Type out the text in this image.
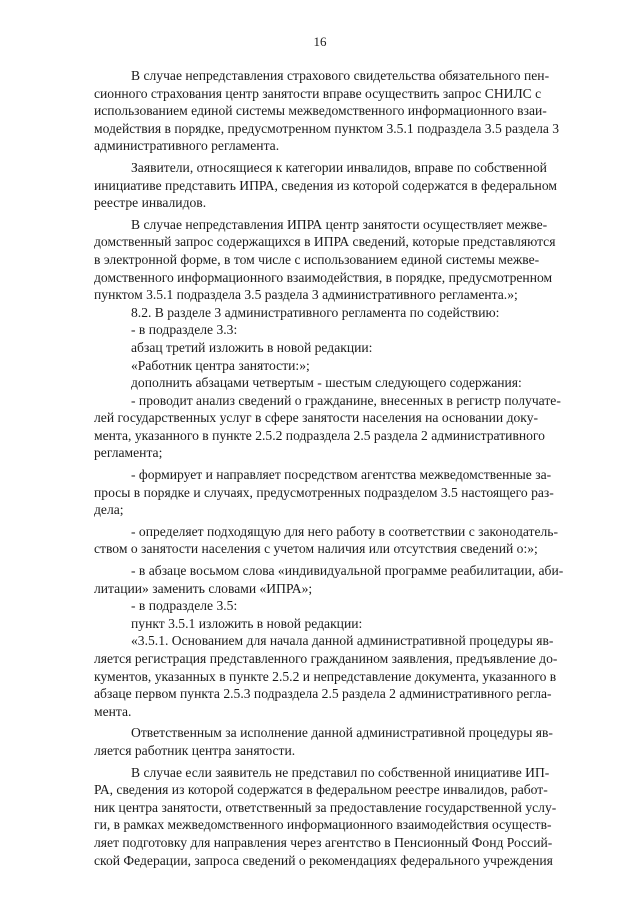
16
В случае непредставления страхового свидетельства обязательного пен-
сионного страхования центр занятости вправе осуществить запрос СНИЛС с
использованием единой системы межведомственного информационного взаи-
модействия в порядке, предусмотренном пунктом 3.5.1 подраздела 3.5 раздела 3
административного регламента.
Заявители, относящиеся к категории инвалидов, вправе по собственной
инициативе представить ИПРА, сведения из которой содержатся в федеральном
реестре инвалидов.
В случае непредставления ИПРА центр занятости осуществляет межве-
домственный запрос содержащихся в ИПРА сведений, которые представляются
в электронной форме, в том числе с использованием единой системы межве-
домственного информационного взаимодействия, в порядке, предусмотренном
пунктом 3.5.1 подраздела 3.5 раздела 3 административного регламента.»;
8.2. В разделе 3 административного регламента по содействию:
- в подразделе 3.3:
абзац третий изложить в новой редакции:
«Работник центра занятости:»;
дополнить абзацами четвертым - шестым следующего содержания:
- проводит анализ сведений о гражданине, внесенных в регистр получате-
лей государственных услуг в сфере занятости населения на основании доку-
мента, указанного в пункте 2.5.2 подраздела 2.5 раздела 2 административного
регламента;
- формирует и направляет посредством агентства межведомственные за-
просы в порядке и случаях, предусмотренных подразделом 3.5 настоящего раз-
дела;
- определяет подходящую для него работу в соответствии с законодатель-
ством о занятости населения с учетом наличия или отсутствия сведений о:»;
- в абзаце восьмом слова «индивидуальной программе реабилитации, аби-
литации» заменить словами «ИПРА»;
- в подразделе 3.5:
пункт 3.5.1 изложить в новой редакции:
«3.5.1. Основанием для начала данной административной процедуры яв-
ляется регистрация представленного гражданином заявления, предъявление до-
кументов, указанных в пункте 2.5.2 и непредставление документа, указанного в
абзаце первом пункта 2.5.3 подраздела 2.5 раздела 2 административного регла-
мента.
Ответственным за исполнение данной административной процедуры яв-
ляется работник центра занятости.
В случае если заявитель не представил по собственной инициативе ИП-
РА, сведения из которой содержатся в федеральном реестре инвалидов, работ-
ник центра занятости, ответственный за предоставление государственной услу-
ги, в рамках межведомственного информационного взаимодействия осуществ-
ляет подготовку для направления через агентство в Пенсионный Фонд Россий-
ской Федерации, запроса сведений о рекомендациях федерального учреждения
